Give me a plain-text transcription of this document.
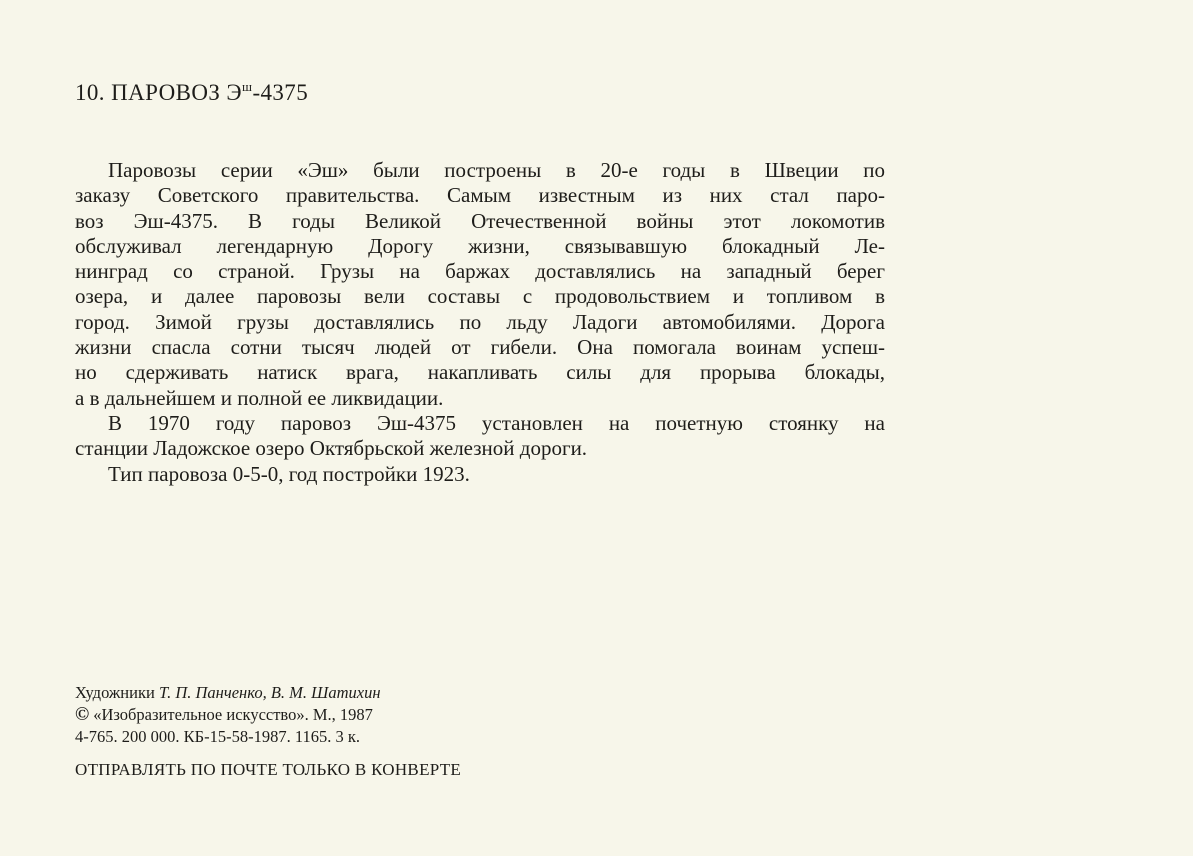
10. ПАРОВОЗ $Э^ш-4375$
Паровозы серии «Эш» были построены в 20-е годы в Швеции по
заказу Советского правительства. Самым известным из них стал паро-
воз Эш-4375. В годы Великой Отечественной войны этот локомотив
обслуживал легендарную Дорогу жизни, связывавшую блокадный Ле-
нинград со страной. Грузы на баржах доставлялись на западный берег
озера, и далее паровозы вели составы с продовольствием и топливом в
город. Зимой грузы доставлялись по льду Ладоги автомобилями. Дорога
жизни спасла сотни тысяч людей от гибели. Она помогала воинам успеш-
но сдерживать натиск врага, накапливать силы для прорыва блокады,
а в дальнейшем и полной ее ликвидации.
В 1970 году паровоз Эш-4375 установлен на почетную стоянку на
станции Ладожское озеро Октябрьской железной дороги.
Тип паровоза 0-5-0, год постройки 1923.
Художники Т. П. Панченко, В. М. Шатихин
© «Изобразительное искусство». М., 1987
4-765. 200 000. КБ-15-58-1987. 1165. 3 к.
ОТПРАВЛЯТЬ ПО ПОЧТЕ ТОЛЬКО В КОНВЕРТЕ
